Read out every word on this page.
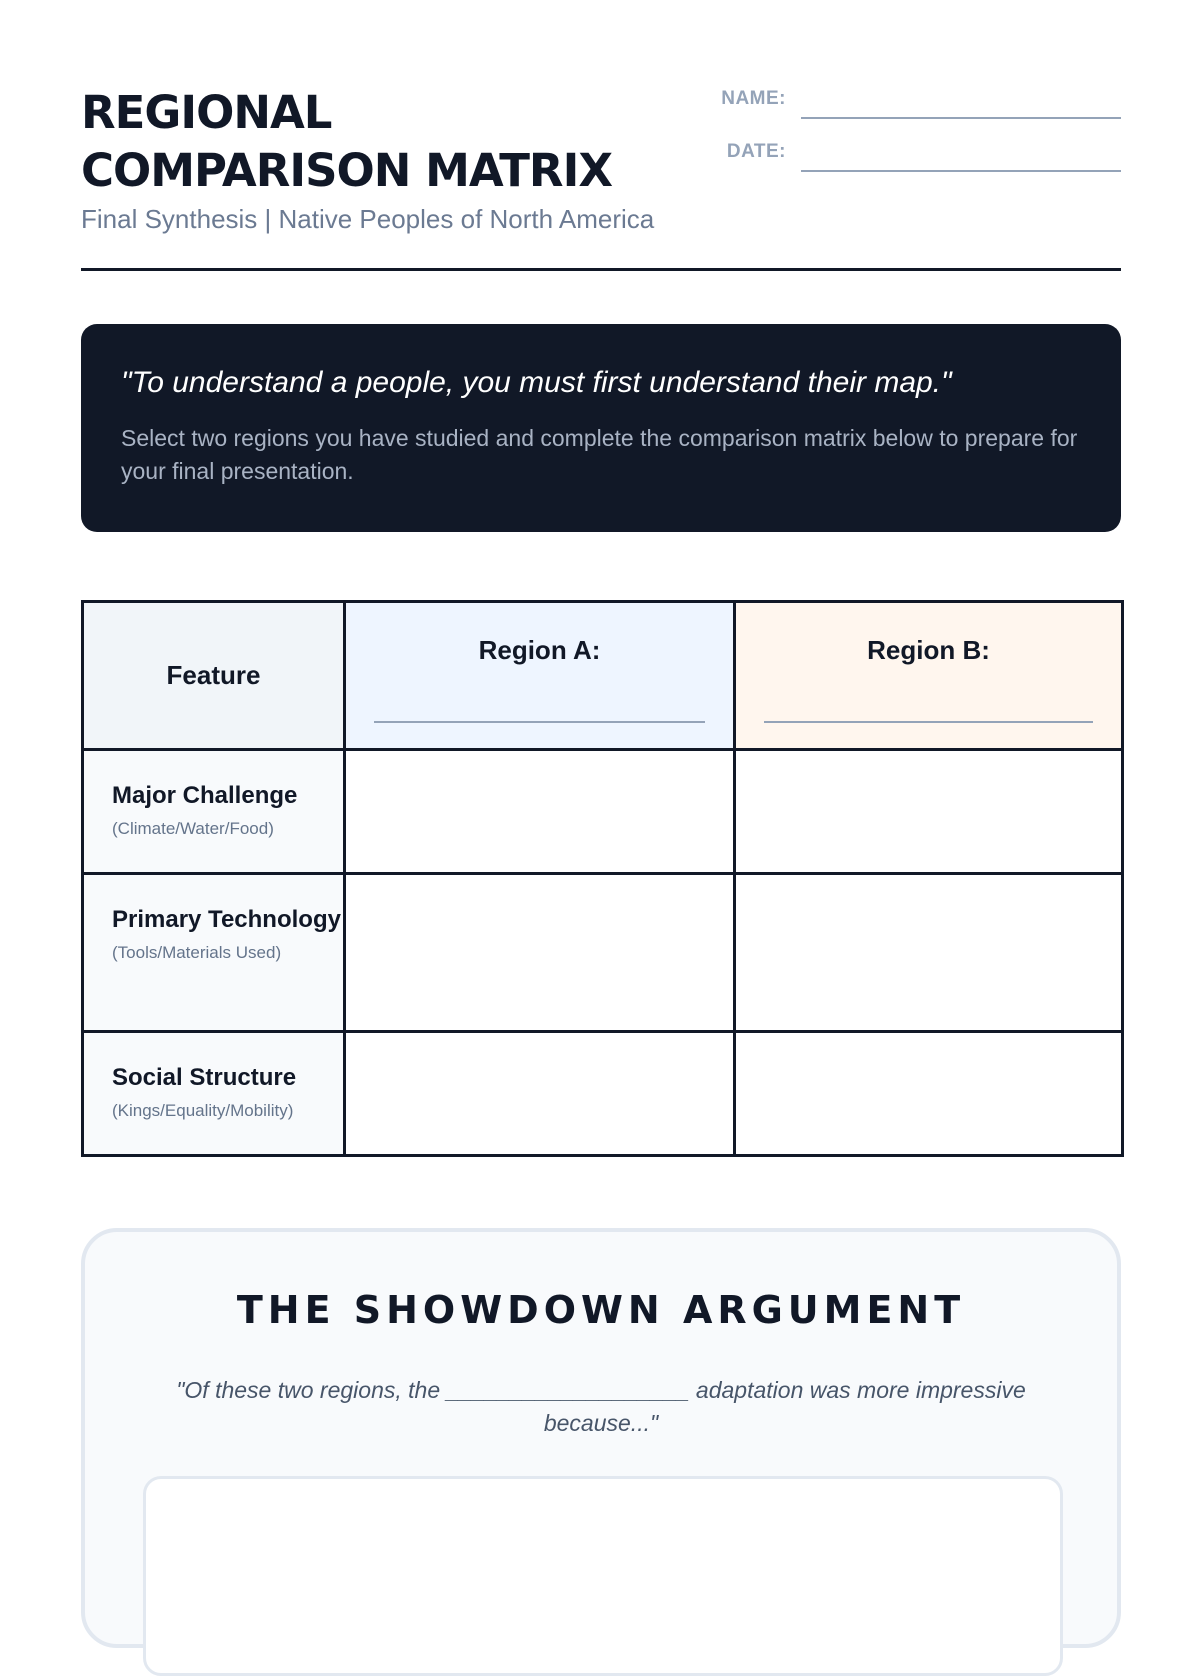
REGIONAL
COMPARISON MATRIX
Final Synthesis | Native Peoples of North America
NAME:
DATE:

"To understand a people, you must first understand their map."

Select two regions you have studied and complete the comparison matrix below to prepare for your final presentation.

Feature	Region A:	Region B:

Major Challenge
(Climate/Water/Food)		

Primary Technology
(Tools/Materials Used)		

Social Structure
(Kings/Equality/Mobility)		

THE SHOWDOWN ARGUMENT

"Of these two regions, the ___________________ adaptation was more impressive because..."
